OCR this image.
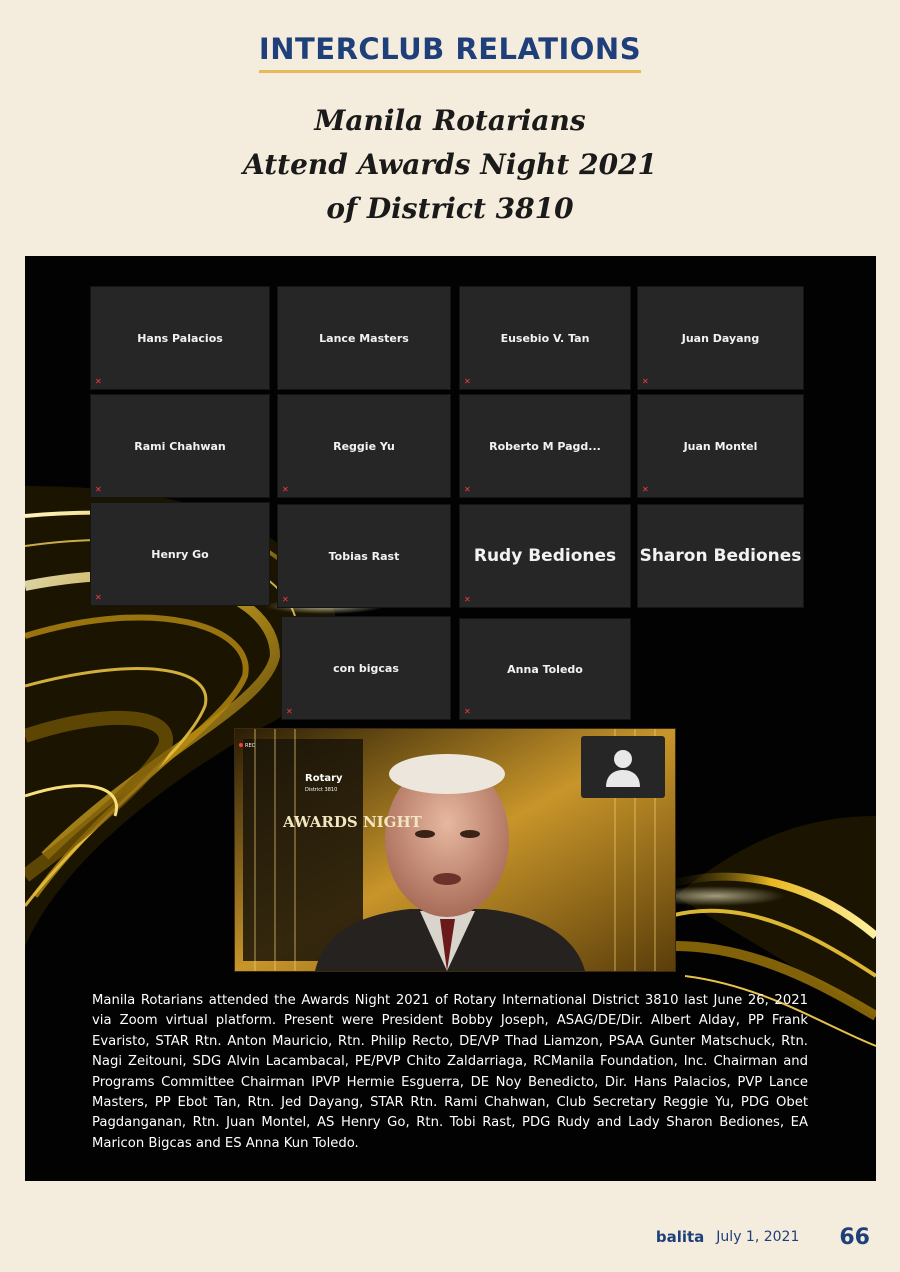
INTERCLUB RELATIONS
Manila Rotarians
Attend Awards Night 2021
of District 3810
Hans Palacios
✕
Lance Masters	Eusebio V. Tan
✕
Juan Dayang
✕
Rami Chahwan
✕
Reggie Yu
✕
Roberto M Pagd...
✕
Juan Montel
✕
Henry Go
✕
Tobias Rast
✕
Rudy Bediones
✕
Sharon Bediones
con bigcas
✕
Anna Toledo
✕
Rotary
District 3810
AWARDS NIGHT
REC
Manila Rotarians attended the Awards Night 2021 of Rotary International District 3810 last June 26, 2021 via Zoom virtual platform. Present were President Bobby Joseph, ASAG/DE/Dir. Albert Alday, PP Frank Evaristo, STAR Rtn. Anton Mauricio, Rtn. Philip Recto, DE/VP Thad Liamzon, PSAA Gunter Matschuck, Rtn. Nagi Zeitouni, SDG Alvin Lacambacal, PE/PVP Chito Zaldarriaga, RCManila Foundation, Inc. Chairman and Programs Committee Chairman IPVP Hermie Esguerra, DE Noy Benedicto, Dir. Hans Palacios, PVP Lance Masters, PP Ebot Tan, Rtn. Jed Dayang, STAR Rtn. Rami Chahwan, Club Secretary Reggie Yu, PDG Obet Pagdanganan, Rtn. Juan Montel, AS Henry Go, Rtn. Tobi Rast, PDG Rudy and Lady Sharon Bediones, EA Maricon Bigcas and ES Anna Kun Toledo.
balita July 1, 2021 66
